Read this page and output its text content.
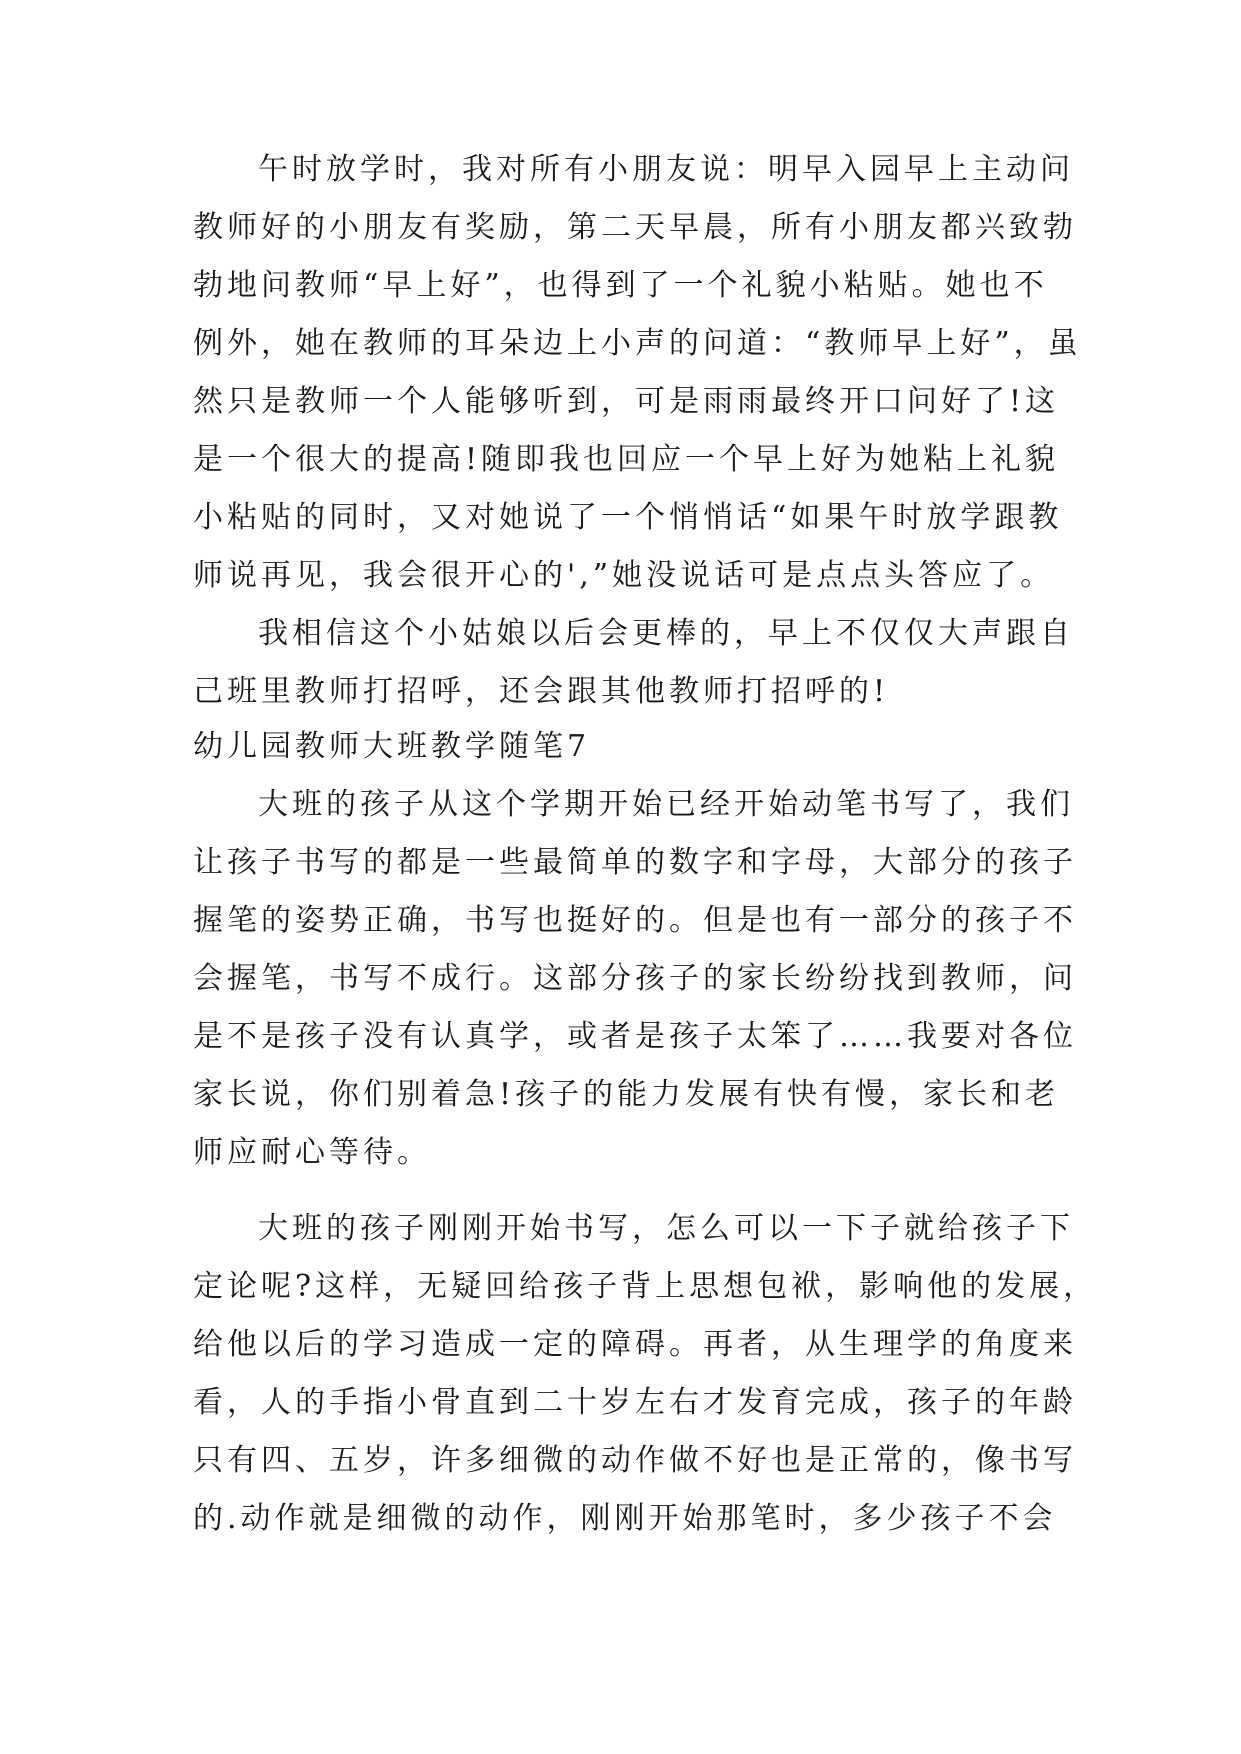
午时放学时，我对所有小朋友说：明早入园早上主动问
教师好的小朋友有奖励，第二天早晨，所有小朋友都兴致勃
勃地问教师“早上好”，也得到了一个礼貌小粘贴。她也不
例外，她在教师的耳朵边上小声的问道：“教师早上好”，虽
然只是教师一个人能够听到，可是雨雨最终开口问好了!这
是一个很大的提高!随即我也回应一个早上好为她粘上礼貌
小粘贴的同时，又对她说了一个悄悄话“如果午时放学跟教
师说再见，我会很开心的',”她没说话可是点点头答应了。
我相信这个小姑娘以后会更棒的，早上不仅仅大声跟自
己班里教师打招呼，还会跟其他教师打招呼的!
幼儿园教师大班教学随笔7
大班的孩子从这个学期开始已经开始动笔书写了，我们
让孩子书写的都是一些最简单的数字和字母，大部分的孩子
握笔的姿势正确，书写也挺好的。但是也有一部分的孩子不
会握笔，书写不成行。这部分孩子的家长纷纷找到教师，问
是不是孩子没有认真学，或者是孩子太笨了……我要对各位
家长说，你们别着急!孩子的能力发展有快有慢，家长和老
师应耐心等待。
大班的孩子刚刚开始书写，怎么可以一下子就给孩子下
定论呢?这样，无疑回给孩子背上思想包袱，影响他的发展，
给他以后的学习造成一定的障碍。再者，从生理学的角度来
看，人的手指小骨直到二十岁左右才发育完成，孩子的年龄
只有四、五岁，许多细微的动作做不好也是正常的，像书写
的.动作就是细微的动作，刚刚开始那笔时，多少孩子不会
